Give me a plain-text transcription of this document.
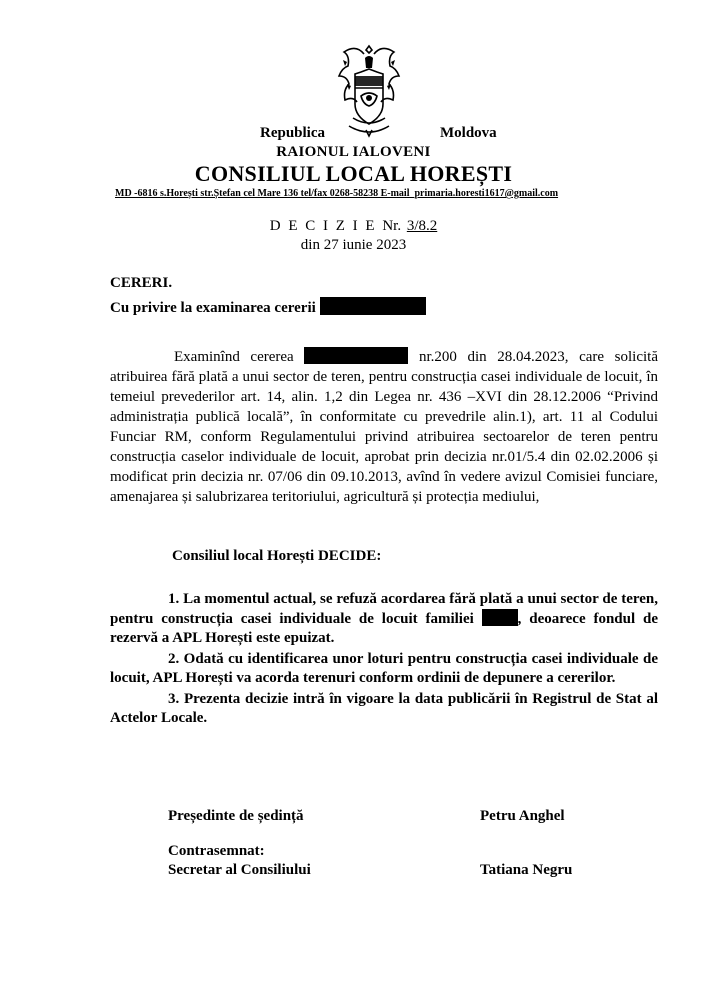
Republica	Moldova
RAIONUL IALOVENI
CONSILIUL LOCAL HOREȘTI
MD -6816 s.Horești str.Ștefan cel Mare 136 tel/fax 0268-58238 E-mail primaria.horesti1617@gmail.com
D E C I Z I E Nr. 3/8.2
din 27 iunie 2023
CERERI.
Cu privire la examinarea cererii
Examinînd cererea	nr.200 din 28.04.2023, care solicită atribuirea fără plată a unui sector de teren, pentru construcția casei individuale de locuit, în temeiul prevederilor art. 14, alin. 1,2 din Legea nr. 436 –XVI din 28.12.2006 “Privind administrația publică locală”, în conformitate cu prevedrile alin.1), art. 11 al Codului Funciar RM, conform Regulamentului privind atribuirea sectoarelor de teren pentru construcția caselor individuale de locuit, aprobat prin decizia nr.01/5.4 din 02.02.2006 și modificat prin decizia nr. 07/06 din 09.10.2013, avînd în vedere avizul Comisiei funciare, amenajarea și salubrizarea teritoriului, agricultură și protecția mediului,
Consiliul local Horești DECIDE:

1. La momentul actual, se refuză acordarea fără plată a unui sector de teren, pentru construcția casei individuale de locuit familiei	, deoarece fondul de rezervă a APL Horești este epuizat.

2. Odată cu identificarea unor loturi pentru construcția casei individuale de locuit, APL Horești va acorda terenuri conform ordinii de depunere a cererilor.

3. Prezenta decizie intră în vigoare la data publicării în Registrul de Stat al Actelor Locale.

Președinte de ședință	Petru Anghel
Contrasemnat:
Secretar al Consiliului	Tatiana Negru
